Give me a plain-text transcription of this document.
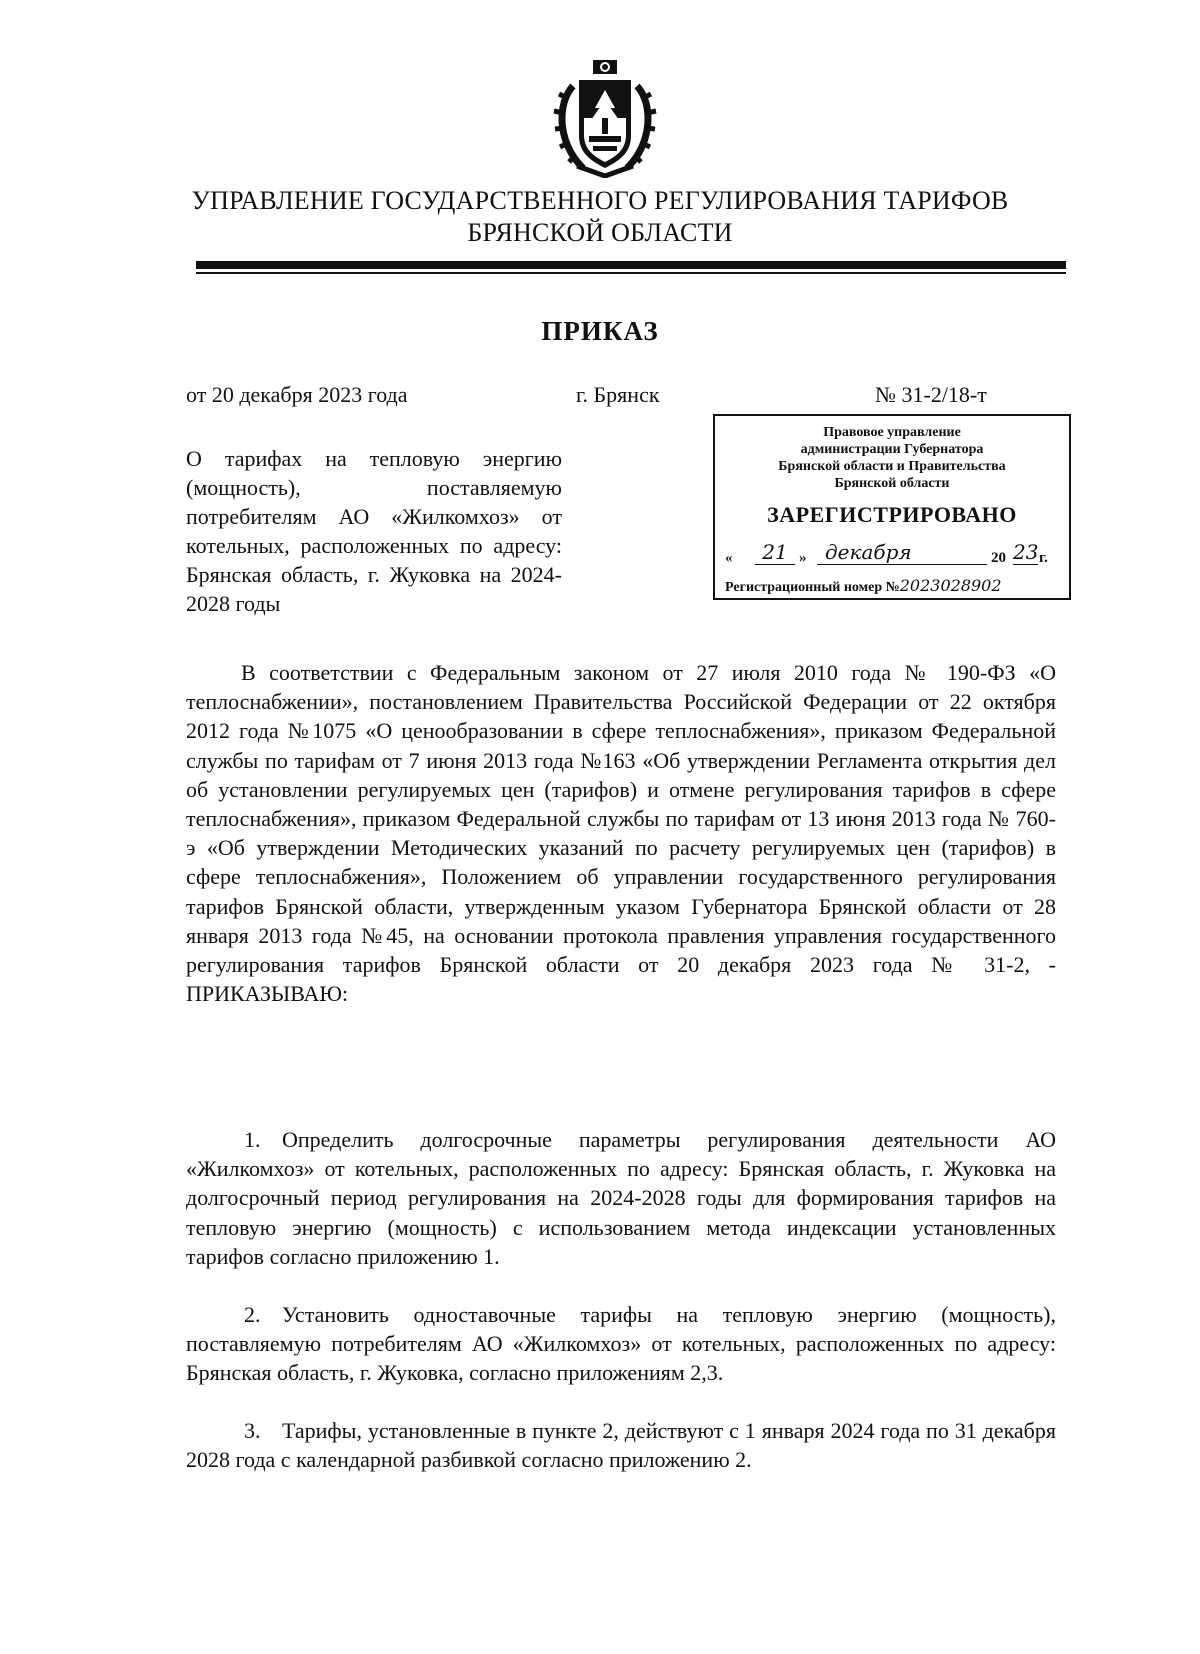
УПРАВЛЕНИЕ ГОСУДАРСТВЕННОГО РЕГУЛИРОВАНИЯ ТАРИФОВ
БРЯНСКОЙ ОБЛАСТИ
ПРИКАЗ
от 20 декабря 2023 года	г. Брянск	№ 31-2/18-т
Правовое управление
администрации Губернатора
Брянской области и Правительства
Брянской области
ЗАРЕГИСТРИРОВАНО
«	21 » декабря	20 23 г.
Регистрационный номер №2023028902
О тарифах на тепловую энергию (мощность), поставляемую потребителям АО «Жилкомхоз» от котельных, расположенных по адресу: Брянская область, г. Жуковка на 2024-2028 годы
В соответствии с Федеральным законом от 27 июля 2010 года № 190-ФЗ «О теплоснабжении», постановлением Правительства Российской Федерации от 22 октября 2012 года №1075 «О ценообразовании в сфере теплоснабжения», приказом Федеральной службы по тарифам от 7 июня 2013 года №163 «Об утверждении Регламента открытия дел об установлении регулируемых цен (тарифов) и отмене регулирования тарифов в сфере теплоснабжения», приказом Федеральной службы по тарифам от 13 июня 2013 года № 760-э «Об утверждении Методических указаний по расчету регулируемых цен (тарифов) в сфере теплоснабжения», Положением об управлении государственного регулирования тарифов Брянской области, утвержденным указом Губернатора Брянской области от 28 января 2013 года №45, на основании протокола правления управления государственного регулирования тарифов Брянской области от 20 декабря 2023 года № 31-2, - ПРИКАЗЫВАЮ:
1. Определить долгосрочные параметры регулирования деятельности АО «Жилкомхоз» от котельных, расположенных по адресу: Брянская область, г. Жуковка на долгосрочный период регулирования на 2024-2028 годы для формирования тарифов на тепловую энергию (мощность) с использованием метода индексации установленных тарифов согласно приложению 1.
2. Установить одноставочные тарифы на тепловую энергию (мощность), поставляемую потребителям АО «Жилкомхоз» от котельных, расположенных по адресу: Брянская область, г. Жуковка, согласно приложениям 2,3.
3. Тарифы, установленные в пункте 2, действуют с 1 января 2024 года по 31 декабря 2028 года с календарной разбивкой согласно приложению 2.
